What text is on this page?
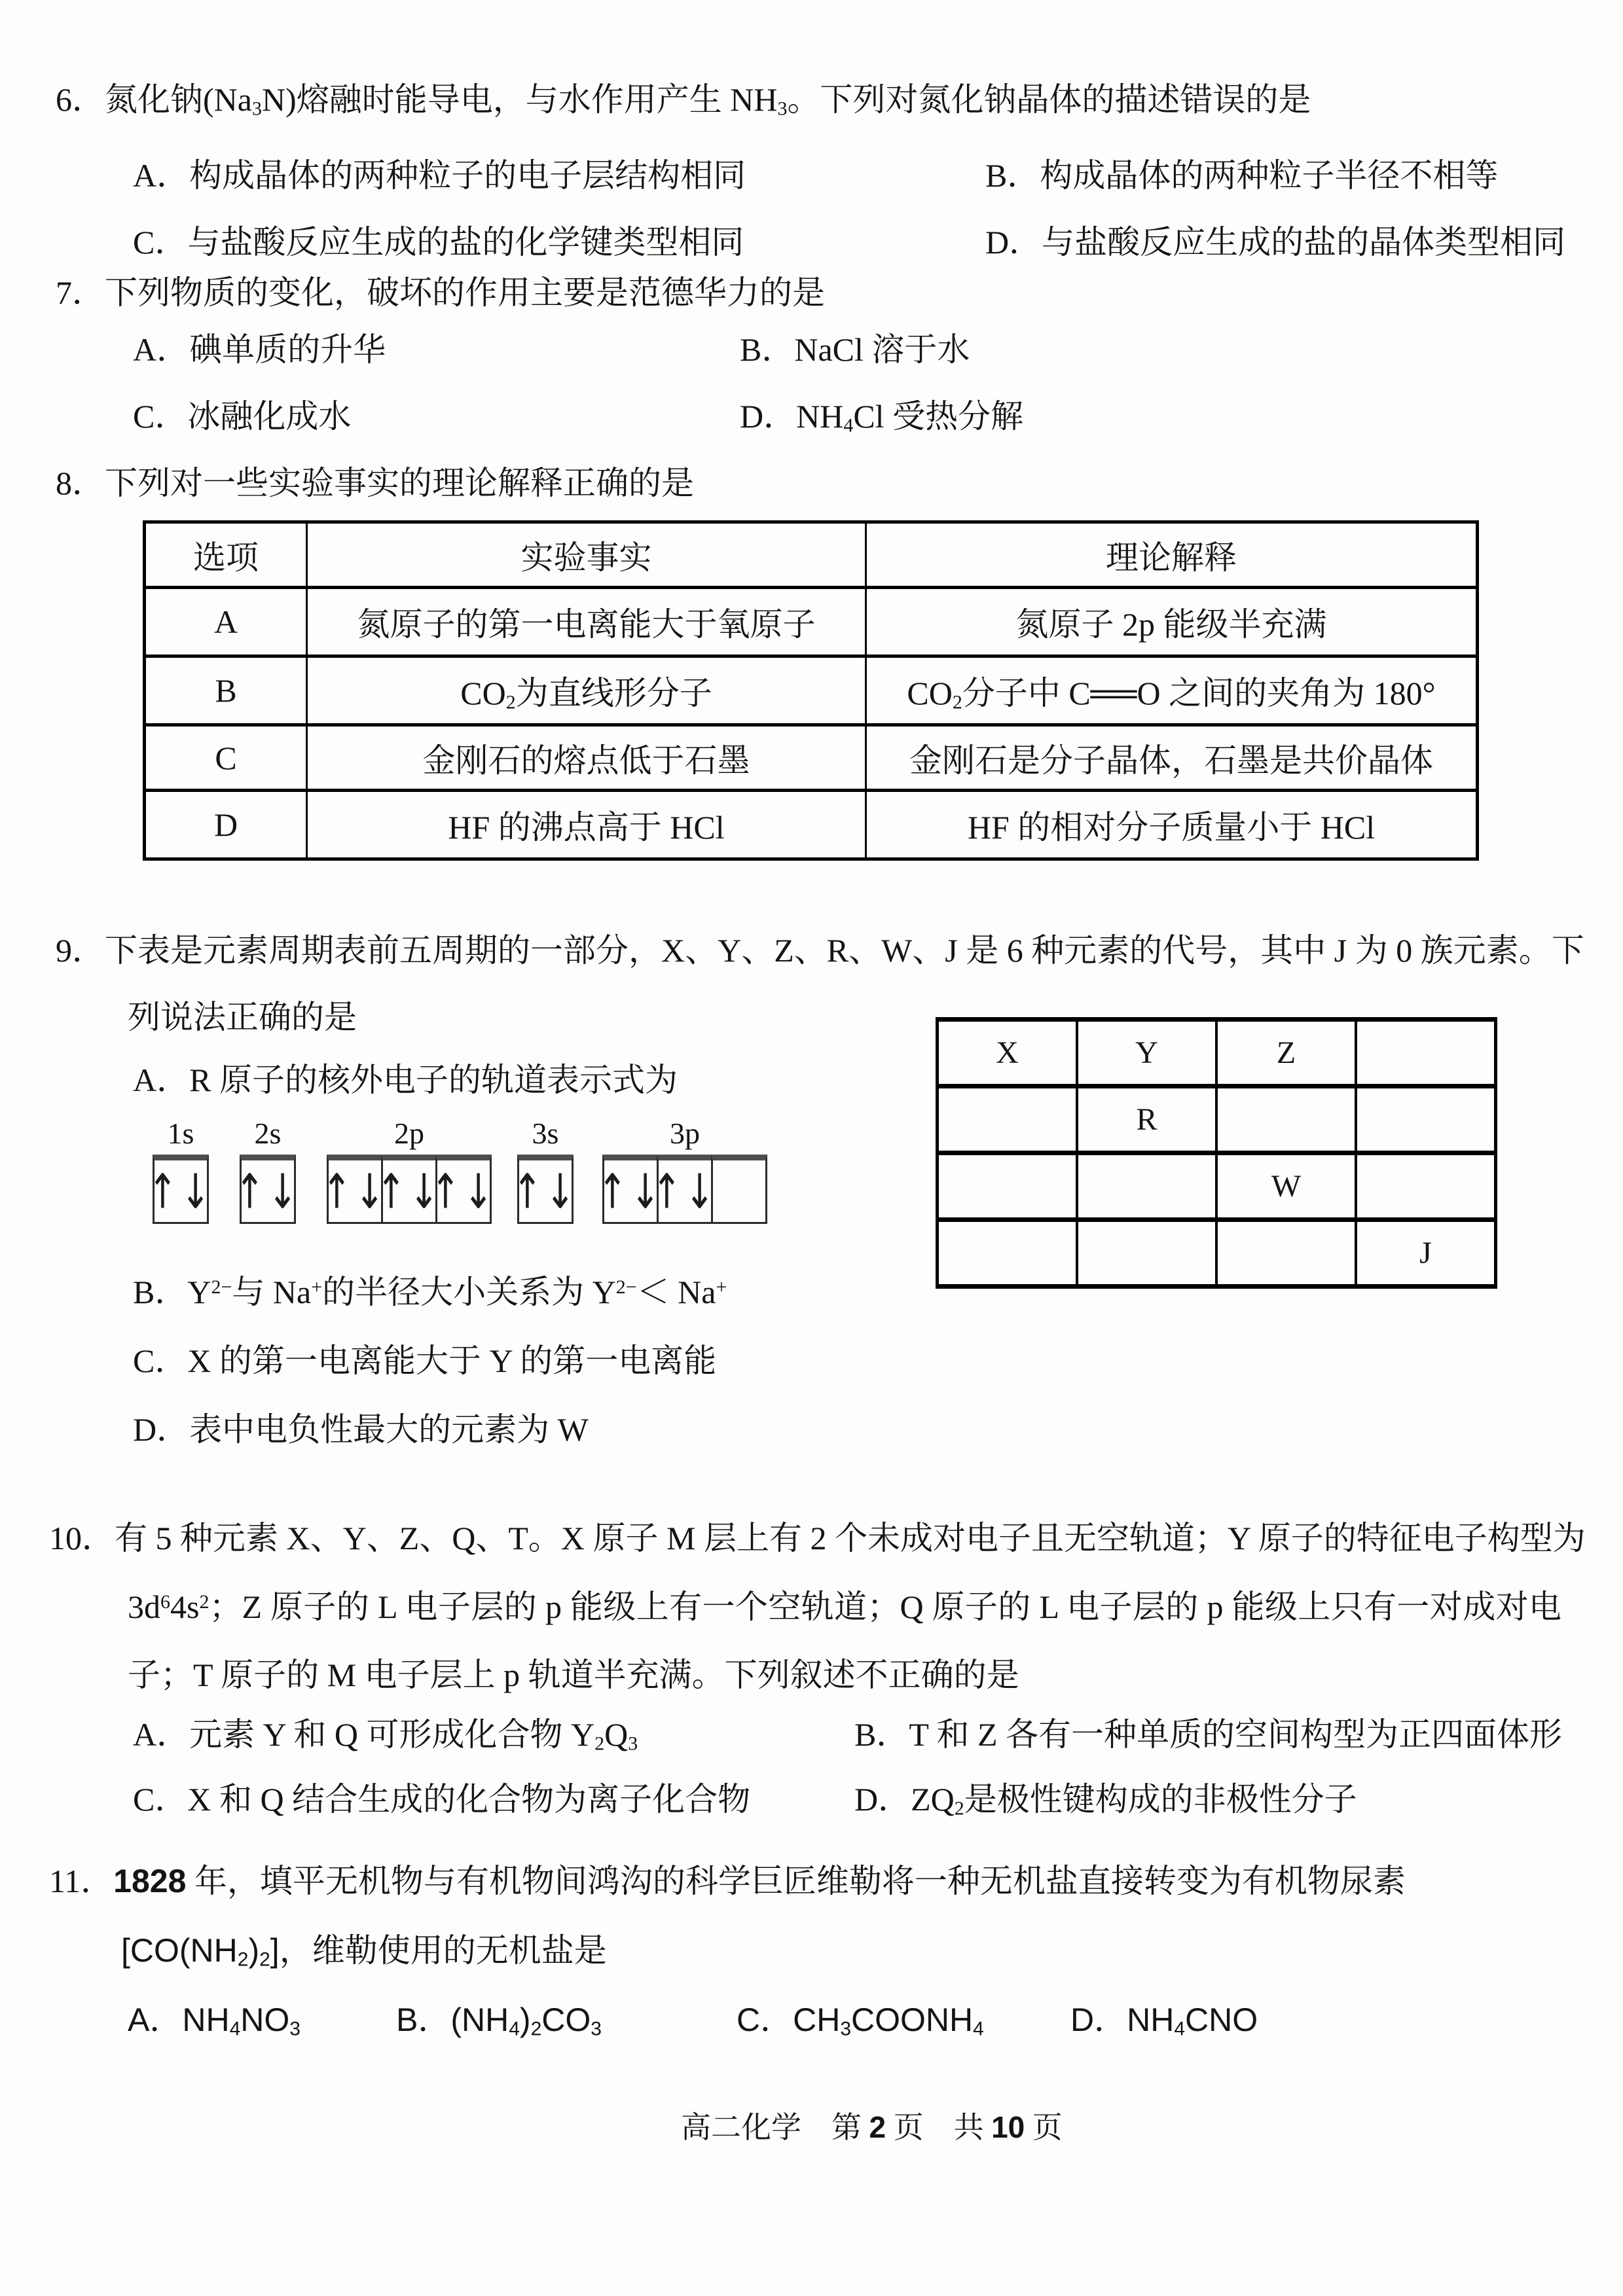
6．氮化钠$(Na_3N)$熔融时能导电，与水作用产生 $NH_3$。下列对氮化钠晶体的描述错误的是
A．构成晶体的两种粒子的电子层结构相同	B．构成晶体的两种粒子半径不相等
C．与盐酸反应生成的盐的化学键类型相同	D．与盐酸反应生成的盐的晶体类型相同
7．下列物质的变化，破坏的作用主要是范德华力的是
A．碘单质的升华	B．NaCl 溶于水
C．冰融化成水	D．$NH_4Cl$ 受热分解
8．下列对一些实验事实的理论解释正确的是
选项	实验事实	理论解释
A	氮原子的第一电离能大于氧原子	氮原子 2p 能级半充满
B	$CO_2$为直线形分子	$CO_2$分子中 C══O 之间的夹角为 180°
C	金刚石的熔点低于石墨	金刚石是分子晶体，石墨是共价晶体
D	HF 的沸点高于 HCl	HF 的相对分子质量小于 HCl
9．下表是元素周期表前五周期的一部分，X、Y、Z、R、W、J 是 6 种元素的代号，其中 J 为 0 族元素。下
列说法正确的是
A．R 原子的核外电子的轨道表示式为
1s
↑↓
2s
↑↓
2p
↑↓
↑↓
↑↓
3s
↑↓
3p
↑↓
↑↓
X	Y	Z	
	R		
		W	
			J
B．$Y^{2-}$与 Na+的半径大小关系为 $Y^{2-}< Na^+$
C．X 的第一电离能大于 Y 的第一电离能
D．表中电负性最大的元素为 W
10．有 5 种元素 X、Y、Z、Q、T。X 原子 M 层上有 2 个未成对电子且无空轨道；Y 原子的特征电子构型为
$3d^64s^2$；Z 原子的 L 电子层的 p 能级上有一个空轨道；Q 原子的 L 电子层的 p 能级上只有一对成对电
子；T 原子的 M 电子层上 p 轨道半充满。下列叙述不正确的是
A．元素 Y 和 Q 可形成化合物 $Y_2Q_3$	B．T 和 Z 各有一种单质的空间构型为正四面体形
C．X 和 Q 结合生成的化合物为离子化合物	D．$ZQ_2$是极性键构成的非极性分子
11．1828 年，填平无机物与有机物间鸿沟的科学巨匠维勒将一种无机盐直接转变为有机物尿素
$[CO(NH_2)_2]$，维勒使用的无机盐是
A．$NH_4NO_3$	B．$(NH_4)_2CO_3$	C．$CH_3COONH_4$	D．$NH_4CNO$
高二化学　第 2 页　共 10 页
